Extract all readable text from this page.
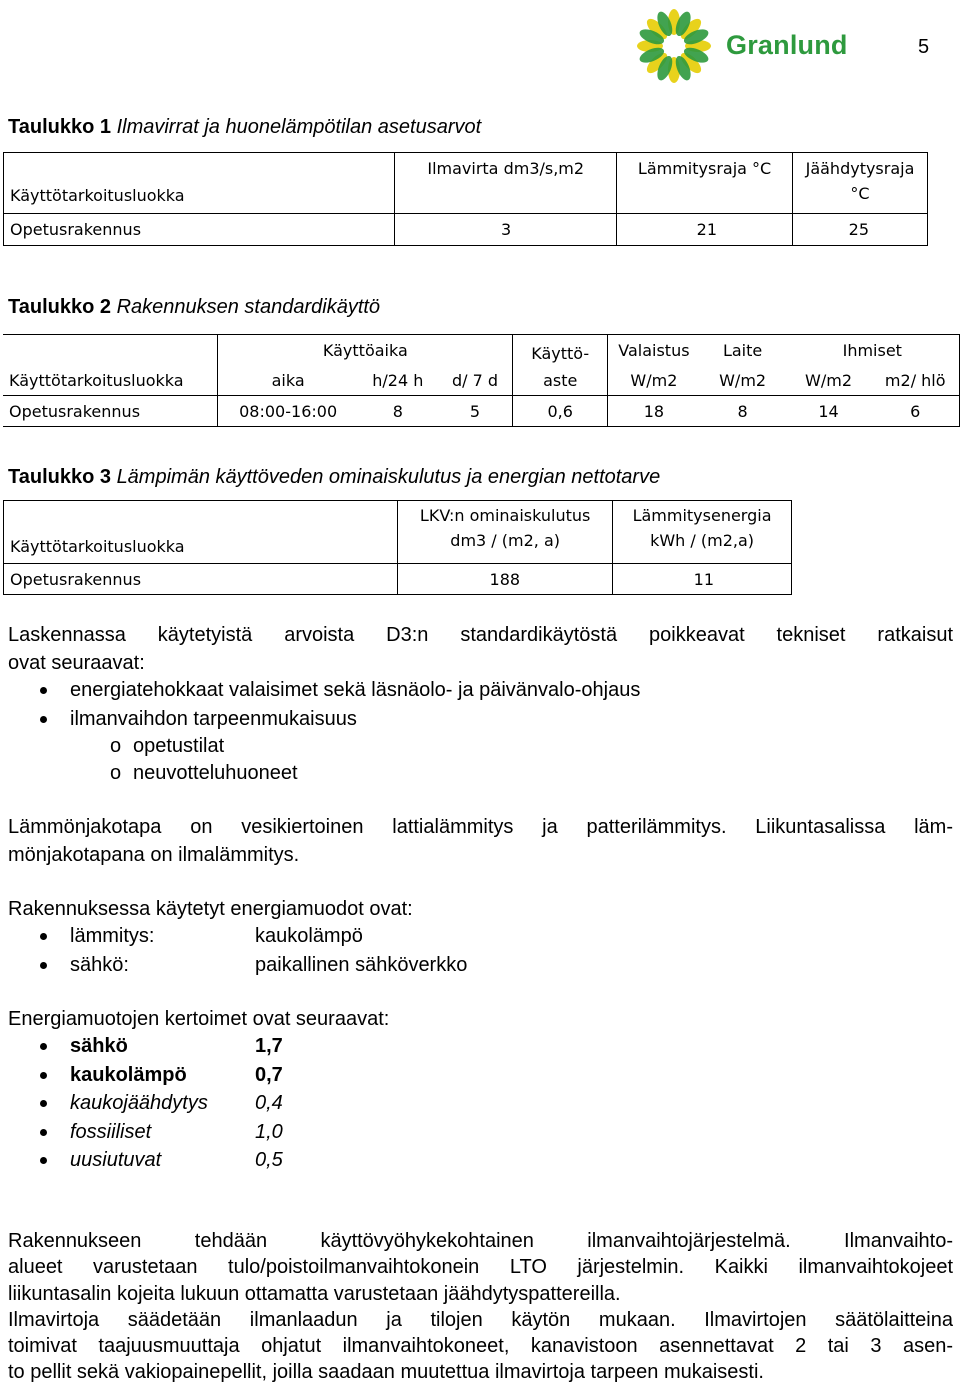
5
Granlund
Taulukko 1 Ilmavirrat ja huonelämpötilan asetusarvot
	Ilmavirta dm3/s,m2	Lämmitysraja °C	Jäähdytysraja
Käyttötarkoitusluokka			°C
Opetusrakennus	3	21	25
Taulukko 2 Rakennuksen standardikäyttö
	Käyttöaika			Käyttö-	Valaistus	Laite	Ihmiset	
Käyttötarkoitusluokka	aika	h/24 h	d/ 7 d	aste	W/m2	W/m2	W/m2	m2/ hlö
Opetusrakennus	08:00-16:00	8	5	0,6	18	8	14	6
Taulukko 3 Lämpimän käyttöveden ominaiskulutus ja energian nettotarve
	LKV:n ominaiskulutus	Lämmitysenergia
Käyttötarkoitusluokka	dm3 / (m2, a)	kWh / (m2,a)
Opetusrakennus	188	11
Laskennassa käytetyistä arvoista D3:n standardikäytöstä poikkeavat tekniset ratkaisut
ovat seuraavat:
energiatehokkaat valaisimet sekä läsnäolo- ja päivänvalo-ohjaus
ilmanvaihdon tarpeenmukaisuus
o opetustilat
o neuvotteluhuoneet
Lämmönjakotapa on vesikiertoinen lattialämmitys ja patterilämmitys. Liikuntasalissa läm-
mönjakotapana on ilmalämmitys.
Rakennuksessa käytetyt energiamuodot ovat:
lämmitys:	kaukolämpö
sähkö:	paikallinen sähköverkko
Energiamuotojen kertoimet ovat seuraavat:
sähkö	1,7
kaukolämpö	0,7
kaukojäähdytys 0,4
fossiiliset	1,0
uusiutuvat	0,5
Rakennukseen tehdään käyttövyöhykekohtainen ilmanvaihtojärjestelmä. Ilmanvaihto-
alueet varustetaan tulo/poistoilmanvaihtokonein LTO järjestelmin. Kaikki ilmanvaihtokojeet
liikuntasalin kojeita lukuun ottamatta varustetaan jäähdytyspattereilla.
Ilmavirtoja säädetään ilmanlaadun ja tilojen käytön mukaan. Ilmavirtojen säätölaitteina
toimivat taajuusmuuttaja ohjatut ilmanvaihtokoneet, kanavistoon asennettavat 2 tai 3 asen-
to pellit sekä vakiopainepellit, joilla saadaan muutettua ilmavirtoja tarpeen mukaisesti.
